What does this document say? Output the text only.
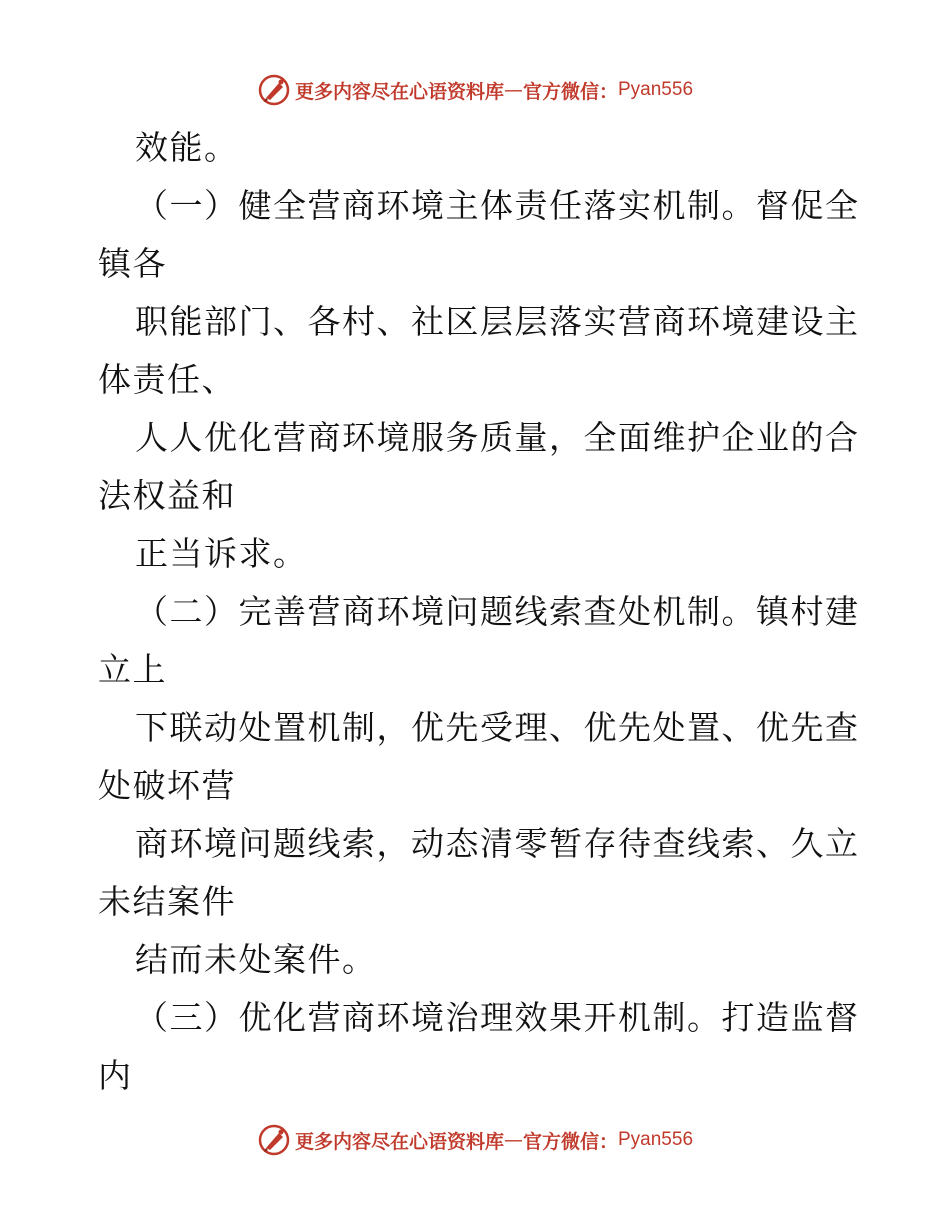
更多内容尽在心语资料库 — 官方微信： Pyan556
效能。
（一）健全营商环境主体责任落实机制。督促全
镇各
职能部门、各村、社区层层落实营商环境建设主
体责任、
人人优化营商环境服务质量，全面维护企业的合
法权益和
正当诉求。
（二）完善营商环境问题线索查处机制。镇村建
立上
下联动处置机制，优先受理、优先处置、优先查
处破坏营
商环境问题线索，动态清零暂存待查线索、久立
未结案件
结而未处案件。
（三）优化营商环境治理效果开机制。打造监督
内
更多内容尽在心语资料库 — 官方微信： Pyan556
